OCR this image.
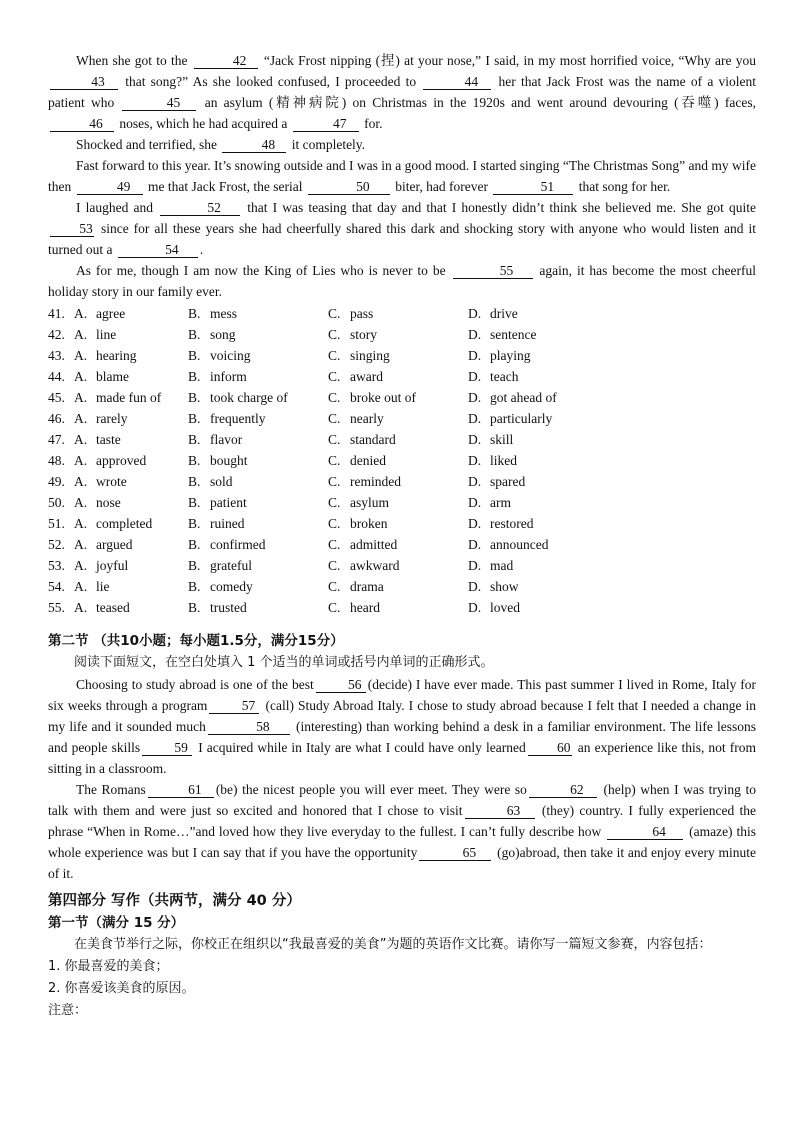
When she got to the	42 “Jack Frost nipping (捏) at your nose,” I said, in my most horrified voice, “Why are you 43 that song?” As she looked confused, I proceeded to	44 her that Jack Frost was the name of a violent patient who	45 an asylum (精神病院) on Christmas in the 1920s and went around devouring (吞噬) faces, 46 noses, which he had acquired a	47 for.

Shocked and terrified, she	48 it completely.

Fast forward to this year. It’s snowing outside and I was in a good mood. I started singing “The Christmas Song” and my wife then	49 me that Jack Frost, the serial	50 biter, had forever	51 that song for her.

I laughed and	52 that I was teasing that day and that I honestly didn’t think she believed me. She got quite 53 since for all these years she had cheerfully shared this dark and shocking story with anyone who would listen and it turned out a	54 .

As for me, though I am now the King of Lies who is never to be	55 again, it has become the most cheerful holiday story in our family ever.

41.	A.	agree	B.	mess	C.	pass	D.	drive
42.	A.	line	B.	song	C.	story	D.	sentence
43.	A.	hearing	B.	voicing	C.	singing	D.	playing
44.	A.	blame	B.	inform	C.	award	D.	teach
45.	A.	made fun of	B.	took charge of	C.	broke out of	D.	got ahead of
46.	A.	rarely	B.	frequently	C.	nearly	D.	particularly
47.	A.	taste	B.	flavor	C.	standard	D.	skill
48.	A.	approved	B.	bought	C.	denied	D.	liked
49.	A.	wrote	B.	sold	C.	reminded	D.	spared
50.	A.	nose	B.	patient	C.	asylum	D.	arm
51.	A.	completed	B.	ruined	C.	broken	D.	restored
52.	A.	argued	B.	confirmed	C.	admitted	D.	announced
53.	A.	joyful	B.	grateful	C.	awkward	D.	mad
54.	A.	lie	B.	comedy	C.	drama	D.	show
55.	A.	teased	B.	trusted	C.	heard	D.	loved

第二节 （共10小题；每小题1.5分，满分15分）

阅读下面短文，在空白处填入 1 个适当的单词或括号内单词的正确形式。

Choosing to study abroad is one of the best	56 (decide) I have ever made. This past summer I lived in Rome, Italy for six weeks through a program	57 (call) Study Abroad Italy. I chose to study abroad because I felt that I needed a change in my life and it sounded much	58 (interesting) than working behind a desk in a familiar environment. The life lessons and people skills	59 I acquired while in Italy are what I could have only learned 60 an experience like this, not from sitting in a classroom.

The Romans	61 (be) the nicest people you will ever meet. They were so	62 (help) when I was trying to talk with them and were just so excited and honored that I chose to visit	63 (they) country. I fully experienced the phrase “When in Rome…”and loved how they live everyday to the fullest. I can’t fully describe how	64 (amaze) this whole experience was but I can say that if you have the opportunity	65 (go)abroad, then take it and enjoy every minute of it.

第四部分 写作（共两节，满分 40 分）

第一节（满分 15 分）

在美食节举行之际，你校正在组织以“我最喜爱的美食”为题的英语作文比赛。请你写一篇短文参赛，内容包括：

1. 你最喜爱的美食；
2. 你喜爱该美食的原因。

注意：
